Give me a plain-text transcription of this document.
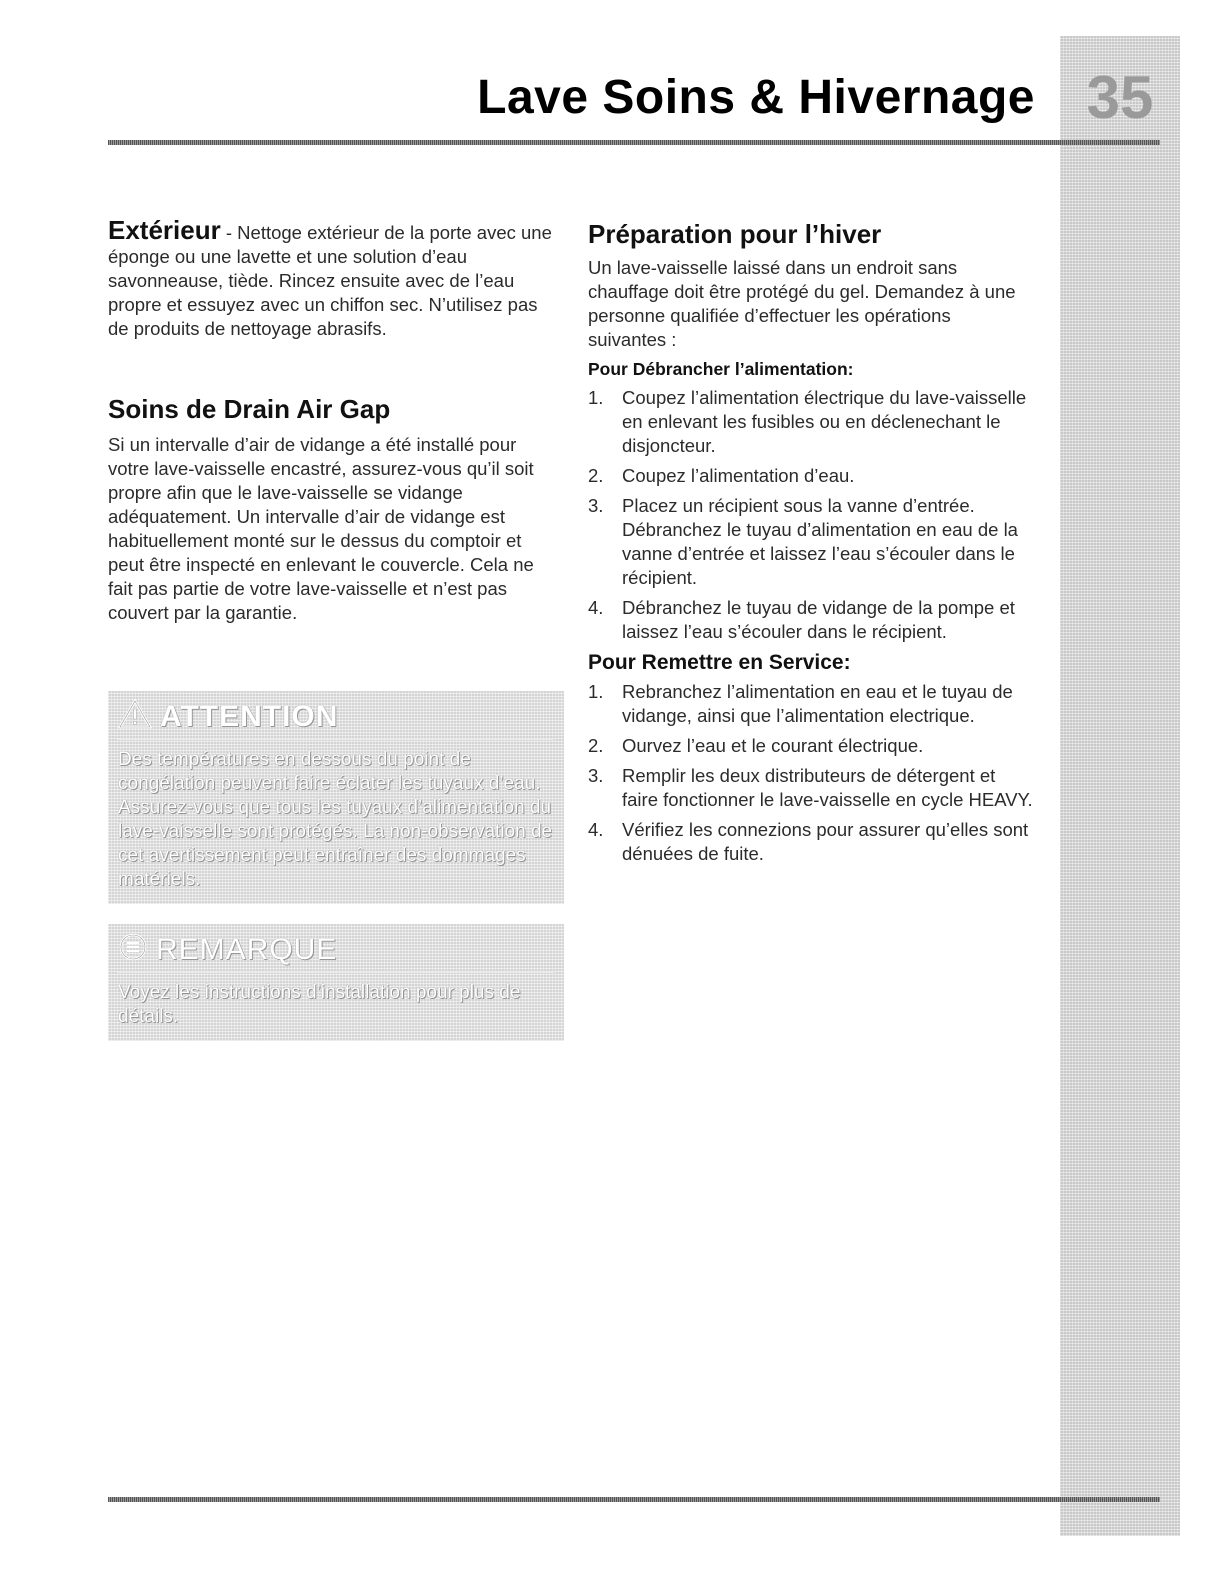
35
Lave Soins & Hivernage

Extérieur - Nettoge extérieur de la porte avec une éponge ou une lavette et une solution d’eau savonneause, tiède. Rincez ensuite avec de l’eau propre et essuyez avec un chiffon sec. N’utilisez pas de produits de nettoyage abrasifs.

Soins de Drain Air Gap

Si un intervalle d’air de vidange a été installé pour votre lave-vaisselle encastré, assurez-vous qu’il soit propre afin que le lave-vaisselle se vidange adéquatement. Un intervalle d’air de vidange est habituellement monté sur le dessus du comptoir et peut être inspecté en enlevant le couvercle. Cela ne fait pas partie de votre lave-vaisselle et n’est pas couvert par la garantie.

ATTENTION

Des températures en dessous du point de congélation peuvent faire éclater les tuyaux d’eau. Assurez-vous que tous les tuyaux d’alimentation du lave-vaisselle sont protégés. La non-observation de cet avertissement peut entraîner des dommages matériels.

REMARQUE

Voyez les instructions d’installation pour plus de détails.

Préparation pour l’hiver

Un lave-vaisselle laissé dans un endroit sans chauffage doit être protégé du gel. Demandez à une personne qualifiée d’effectuer les opérations suivantes :

Pour Débrancher l’alimentation:
1.	Coupez l’alimentation électrique du lave-vaisselle en enlevant les fusibles ou en déclenechant le disjoncteur.
2.	Coupez l’alimentation d’eau.
3.	Placez un récipient sous la vanne d’entrée. Débranchez le tuyau d’alimentation en eau de la vanne d’entrée et laissez l’eau s’écouler dans le récipient.
4.	Débranchez le tuyau de vidange de la pompe et laissez l’eau s’écouler dans le récipient.
Pour Remettre en Service:
1.	Rebranchez l’alimentation en eau et le tuyau de vidange, ainsi que l’alimentation electrique.
2.	Ourvez l’eau et le courant électrique.
3.	Remplir les deux distributeurs de détergent et faire fonctionner le lave-vaisselle en cycle HEAVY.
4.	Vérifiez les connezions pour assurer qu’elles sont dénuées de fuite.
